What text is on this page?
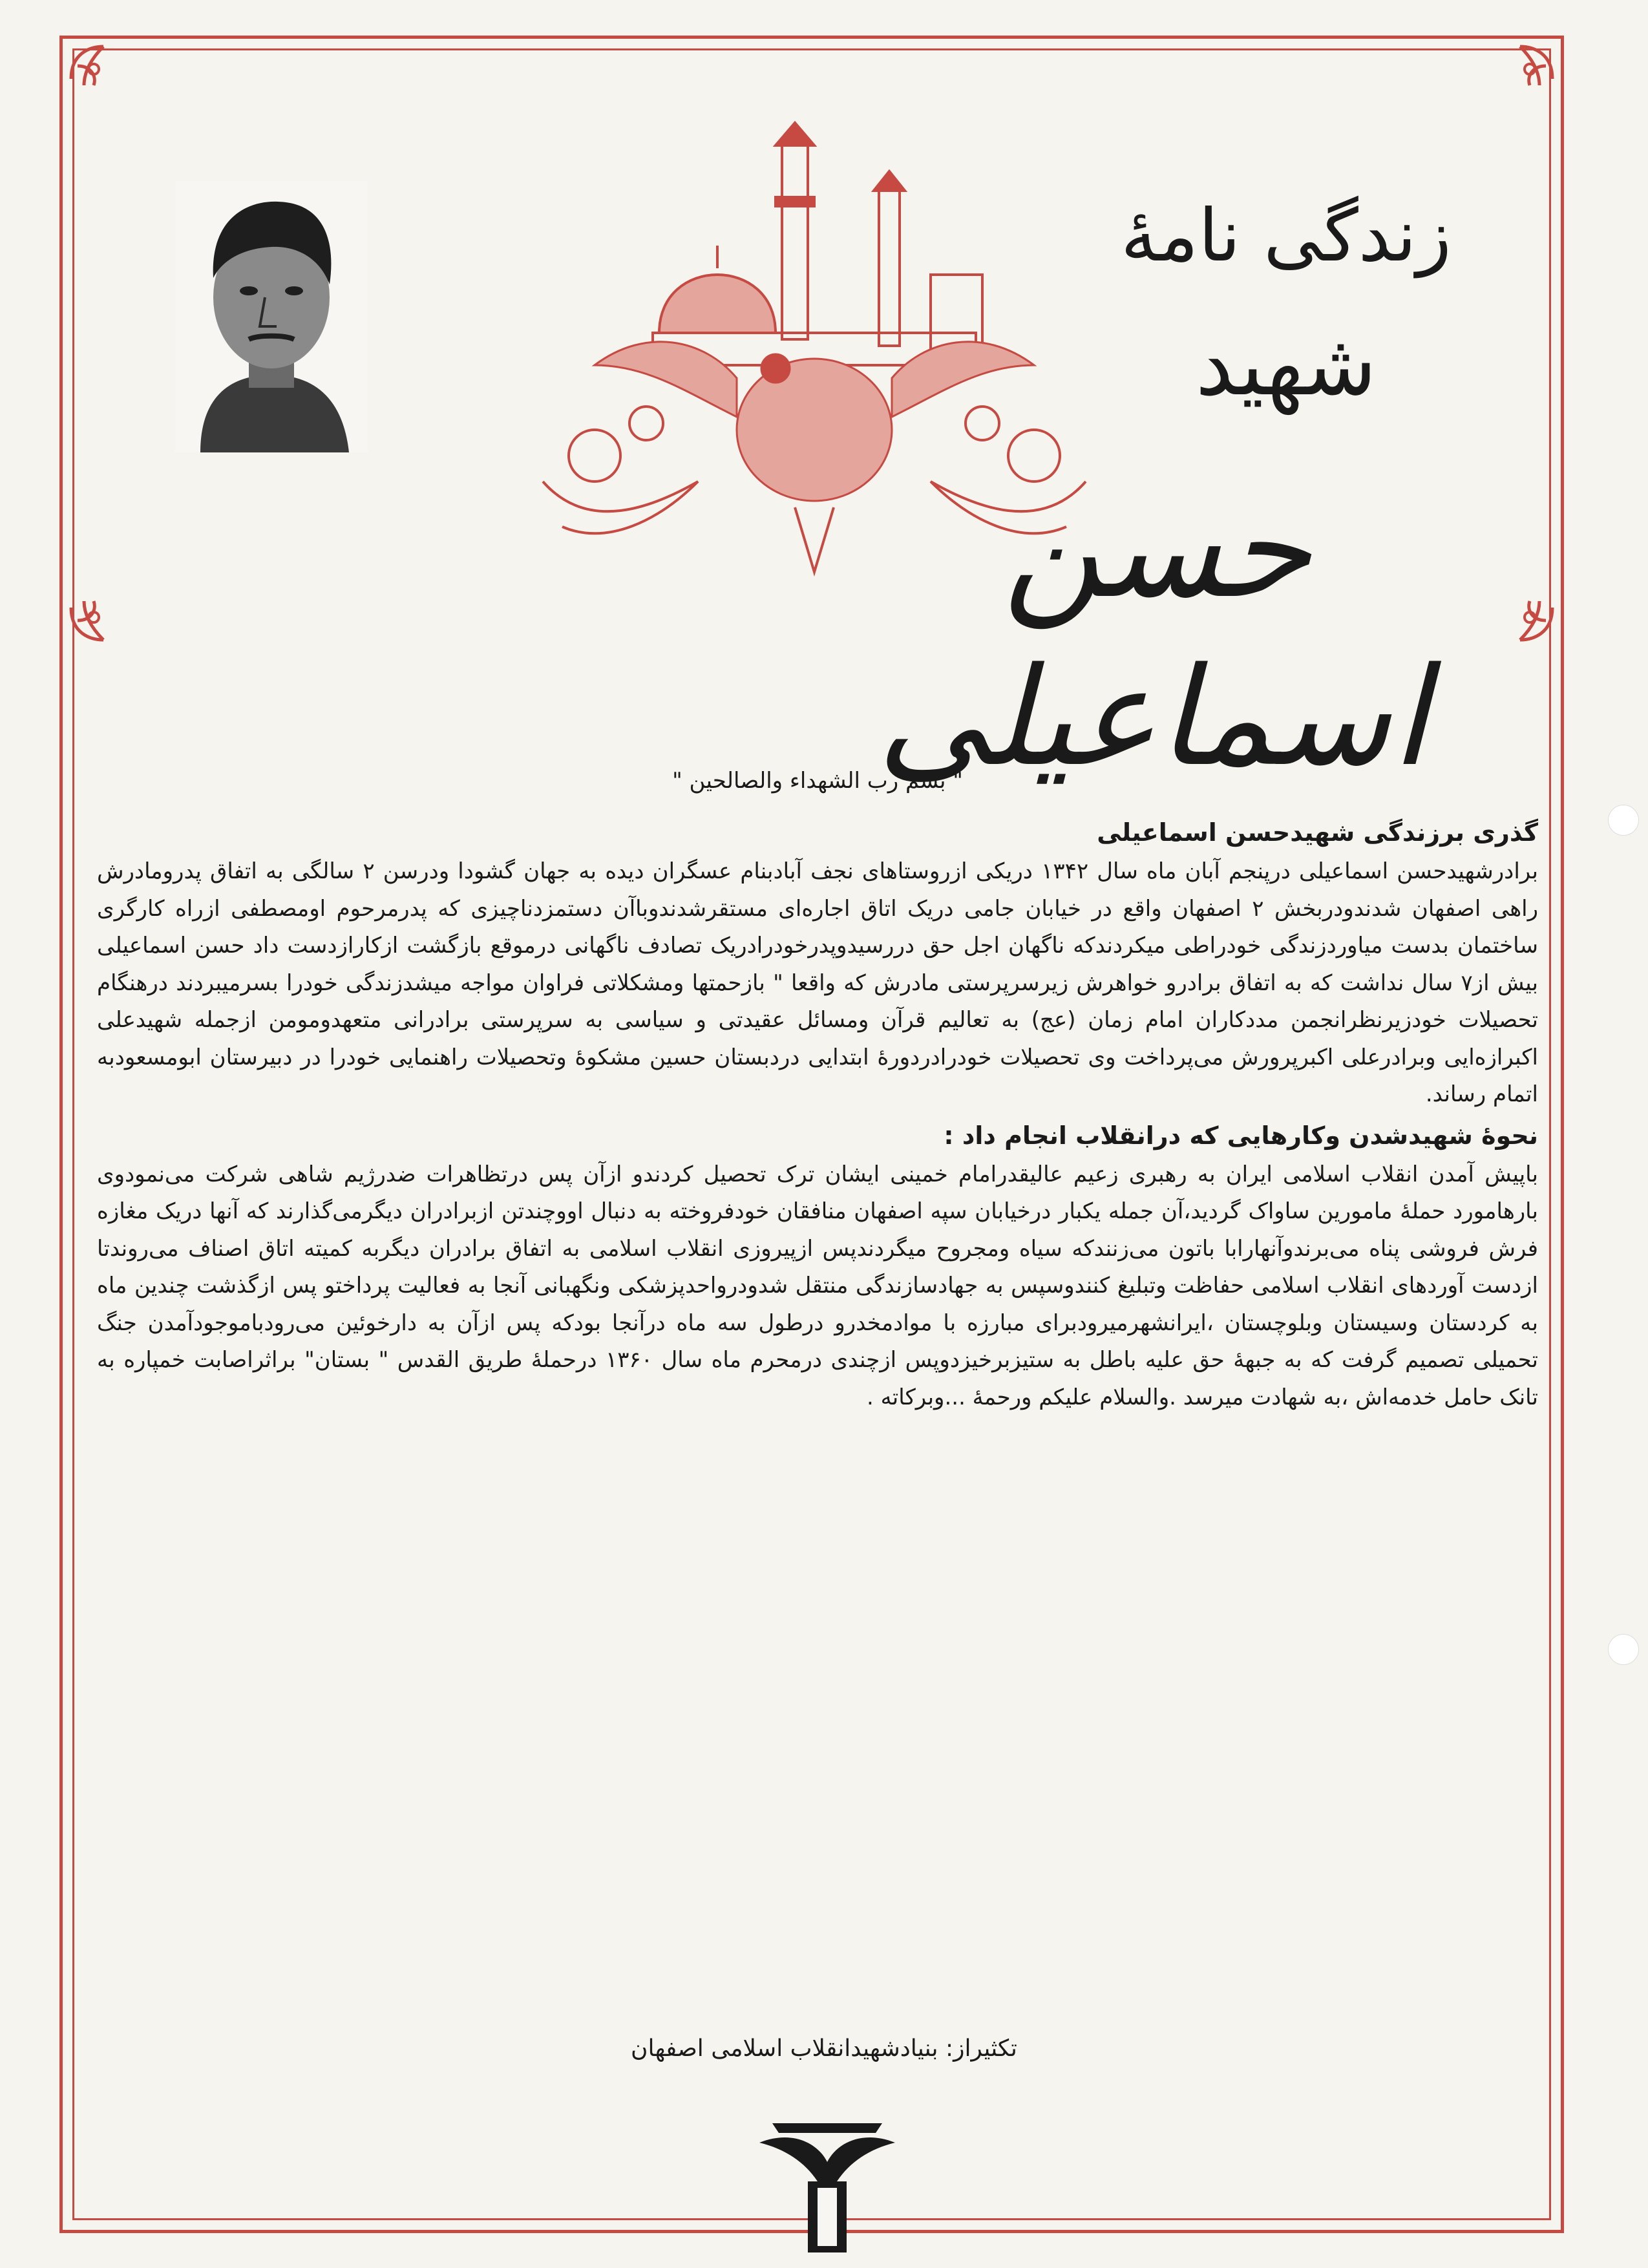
زندگی نامهٔ
شهید
حسن اسماعیلی
" بسم رب الشهداء والصالحین "
گذری برزندگی شهیدحسن اسماعیلی

برادرشهیدحسن اسماعیلی درپنجم آبان ماه سال ۱۳۴۲ دریکی ازروستاهای نجف آبادبنام عسگران دیده به جهان گشودا ودرسن ۲ سالگی به اتفاق پدرومادرش راهی اصفهان شدندودربخش ۲ اصفهان واقع در خیابان جامی دریک اتاق اجاره‌ای مستقرشدندوباآن دستمزدناچیزی که پدرمرحوم اومصطفی ازراه کارگری ساختمان بدست میاوردزندگی خودراطی میکردندکه ناگهان اجل حق دررسیدوپدرخودرادریک تصادف ناگهانی درموقع بازگشت ازکارازدست داد حسن اسماعیلی بیش از۷ سال نداشت که به اتفاق برادرو خواهرش زیرسرپرستی مادرش که واقعا " بازحمتها ومشکلاتی فراوان مواجه میشدزندگی خودرا بسرمیبردند درهنگام تحصیلات خودزیرنظرانجمن مددکاران امام زمان (عج) به تعالیم قرآن ومسائل عقیدتی و سیاسی به سرپرستی برادرانی متعهدومومن ازجمله شهیدعلی اکبرازه‌ایی وبرادرعلی اکبرپرورش می‌پرداخت وی تحصیلات خودرادردورهٔ ابتدایی دردبستان حسین مشکوهٔ وتحصیلات راهنمایی خودرا در دبیرستان ابومسعودبه اتمام رساند.

نحوهٔ شهیدشدن وکارهایی که درانقلاب انجام داد :

باپیش آمدن انقلاب اسلامی ایران به رهبری زعیم عالیقدرامام خمینی ایشان ترک تحصیل کردندو ازآن پس درتظاهرات ضدرژیم شاهی شرکت می‌نمودوی بارهامورد حملهٔ مامورین ساواک گردید،آن جمله یکبار درخیابان سپه اصفهان منافقان خودفروخته به دنبال اووچندتن ازبرادران دیگرمی‌گذارند که آنها دریک مغازه فرش فروشی پناه می‌برندوآنهارابا باتون می‌زنندکه سیاه ومجروح میگردندپس ازپیروزی انقلاب اسلامی به اتفاق برادران دیگربه کمیته اتاق اصناف می‌روندتا ازدست آوردهای انقلاب اسلامی حفاظت وتبلیغ کنندوسپس به جهادسازندگی منتقل شدودرواحدپزشکی ونگهبانی آنجا به فعالیت پرداختو پس ازگذشت چندین ماه به کردستان وسیستان وبلوچستان ،ایرانشهرمیرودبرای مبارزه با موادمخدرو درطول سه ماه درآنجا بودکه پس ازآن به دارخوئین می‌رودباموجودآمدن جنگ تحمیلی تصمیم گرفت که به جبههٔ حق علیه باطل به ستیزبرخیزدوپس ازچندی درمحرم ماه سال ۱۳۶۰ درحملهٔ طریق القدس " بستان" براثراصابت خمپاره به تانک حامل خدمه‌اش ،به شهادت میرسد .والسلام علیکم ورحمهٔ ...وبرکاته .

تکثیراز: بنیادشهیدانقلاب اسلامی اصفهان
